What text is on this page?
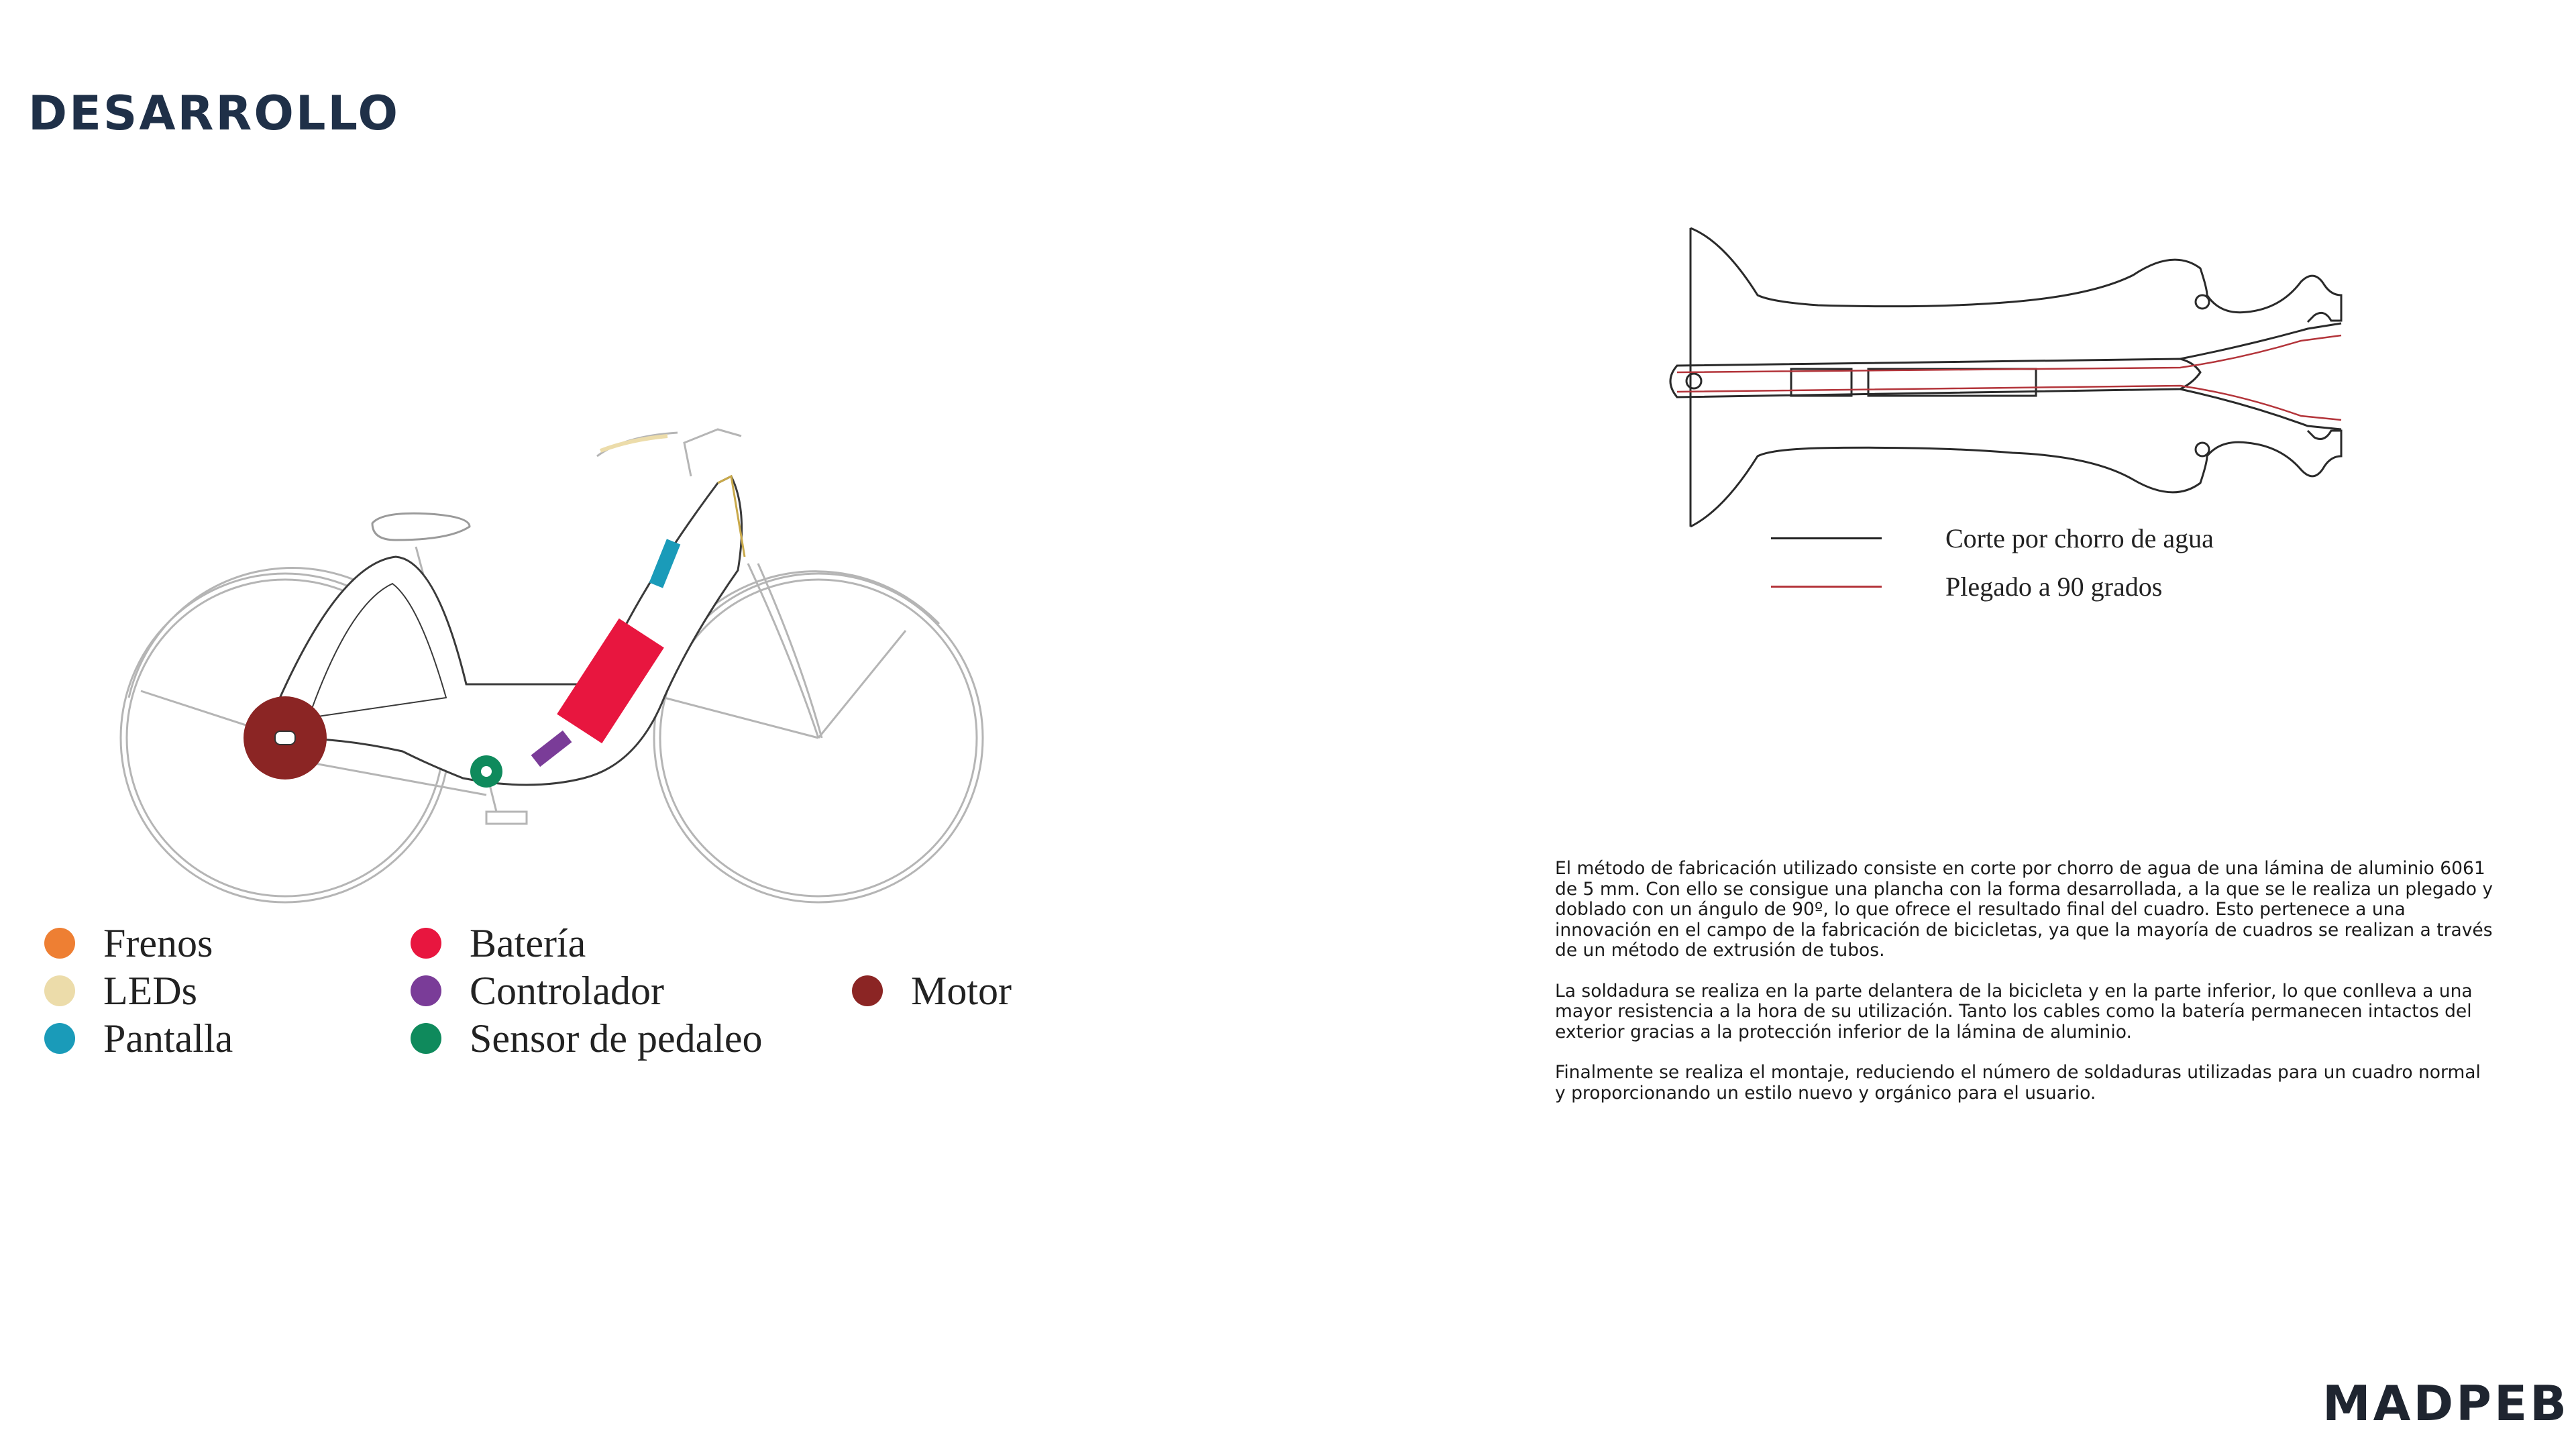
DESARROLLO
Frenos
LEDs
Pantalla
Batería
Controlador
Sensor de pedaleo
Motor
Corte por chorro de agua
Plegado a 90 grados

El método de fabricación utilizado consiste en corte por chorro de agua de una lámina de aluminio 6061 de 5 mm. Con ello se consigue una plancha con la forma desarrollada, a la que se le realiza un plegado y doblado con un ángulo de 90º, lo que ofrece el resultado final del cuadro. Esto pertenece a una innovación en el campo de la fabricación de bicicletas, ya que la mayoría de cuadros se realizan a través de un método de extrusión de tubos.

La soldadura se realiza en la parte delantera de la bicicleta y en la parte inferior, lo que conlleva a una mayor resistencia a la hora de su utilización. Tanto los cables como la batería permanecen intactos del exterior gracias a la protección inferior de la lámina de aluminio.

Finalmente se realiza el montaje, reduciendo el número de soldaduras utilizadas para un cuadro normal y proporcionando un estilo nuevo y orgánico para el usuario.

MADPEB
